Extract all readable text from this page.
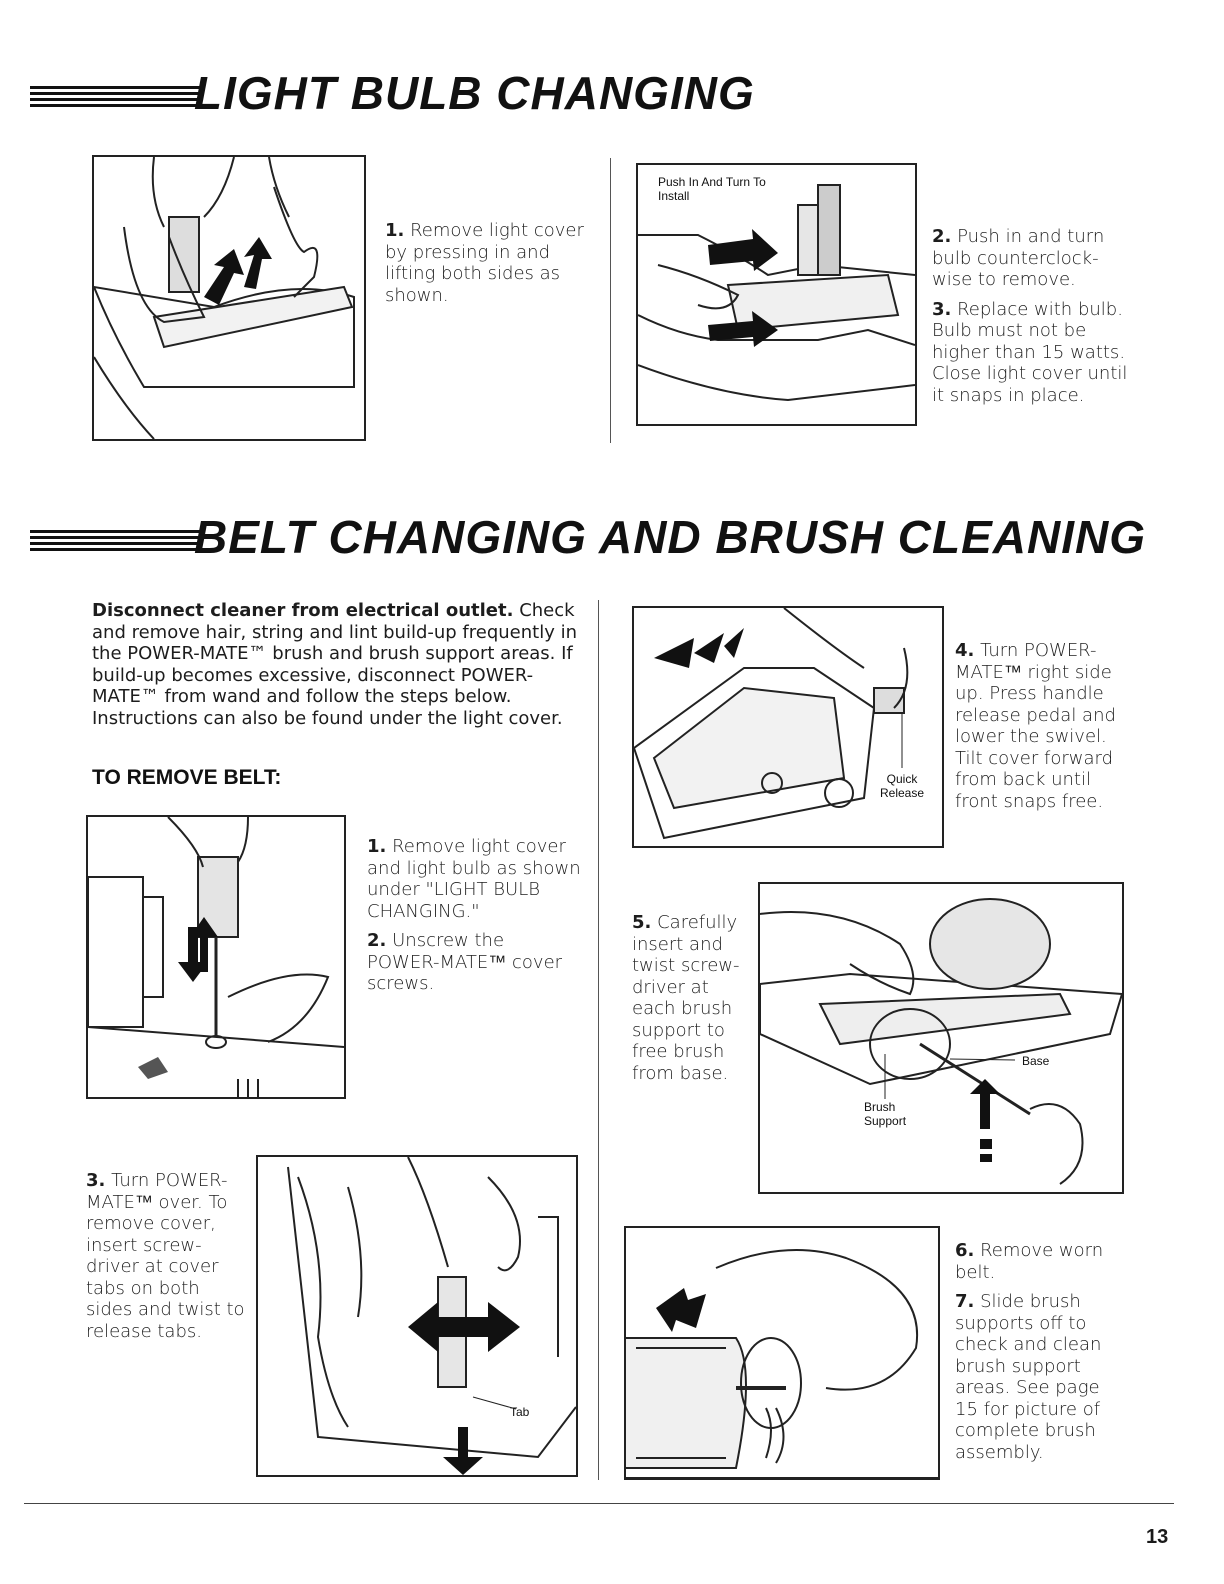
LIGHT BULB CHANGING

1. Remove light cover by pressing in and lifting both sides as shown.

Push In And Turn To Install

2. Push in and turn bulb counterclock-wise to remove.

3. Replace with bulb. Bulb must not be higher than 15 watts. Close light cover until it snaps in place.

BELT CHANGING AND BRUSH CLEANING
Disconnect cleaner from electrical outlet. Check and remove hair, string and lint build-up frequently in the POWER-MATE™ brush and brush support areas. If build-up becomes excessive, disconnect POWER-MATE™ from wand and follow the steps below. Instructions can also be found under the light cover.
TO REMOVE BELT:

1. Remove light cover and light bulb as shown under "LIGHT BULB CHANGING."

2. Unscrew the POWER-MATE™ cover screws.

3. Turn POWER-MATE™ over. To remove cover, insert screw-driver at cover tabs on both sides and twist to release tabs.

Tab
Quick Release

4. Turn POWER-MATE™ right side up. Press handle release pedal and lower the swivel. Tilt cover forward from back until front snaps free.

5. Carefully insert and twist screw-driver at each brush support to free brush from base.

Base
Brush Support

6. Remove worn belt.

7. Slide brush supports off to check and clean brush support areas. See page 15 for picture of complete brush assembly.

13
